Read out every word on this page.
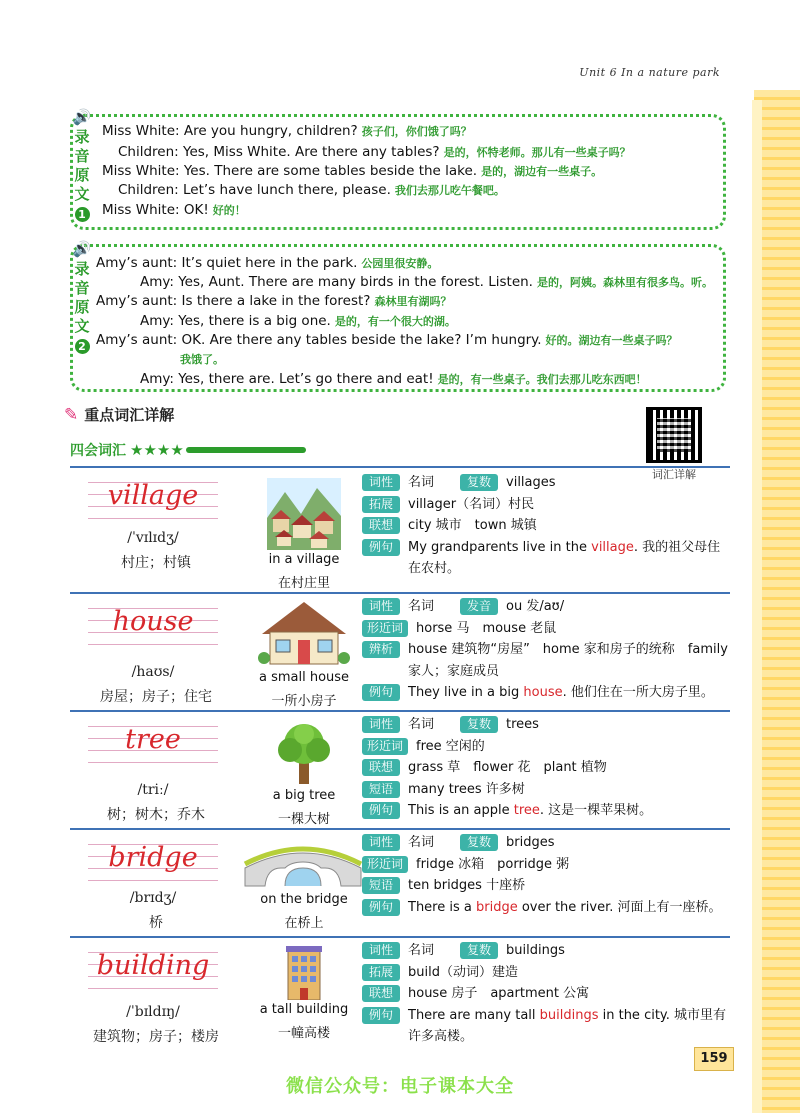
Unit 6 In a nature park
🔊
录音原文
1
Miss White: Are you hungry, children? 孩子们，你们饿了吗？
Children: Yes, Miss White. Are there any tables? 是的，怀特老师。那儿有一些桌子吗？
Miss White: Yes. There are some tables beside the lake. 是的，湖边有一些桌子。
Children: Let’s have lunch there, please. 我们去那儿吃午餐吧。
Miss White: OK! 好的！
🔊
录音原文
2
Amy’s aunt: It’s quiet here in the park. 公园里很安静。
Amy: Yes, Aunt. There are many birds in the forest. Listen. 是的，阿姨。森林里有很多鸟。听。
Amy’s aunt: Is there a lake in the forest? 森林里有湖吗？
Amy: Yes, there is a big one. 是的，有一个很大的湖。
Amy’s aunt: OK. Are there any tables beside the lake? I’m hungry. 好的。湖边有一些桌子吗？
我饿了。
Amy: Yes, there are. Let’s go there and eat! 是的，有一些桌子。我们去那儿吃东西吧！
✎ 重点词汇详解
四会词汇 ★★★★
词汇详解
village
/ˈvɪlɪdʒ/
村庄；村镇	in a village
在村庄里
词性	名词	复数	villages
拓展	villager（名词）村民
联想	city 城市　town 城镇
例句	My grandparents live in the village. 我的祖父母住在农村。
house
/haʊs/
房屋；房子；住宅
a small house
一所小房子
词性	名词	发音	ou 发/aʊ/
形近词	horse 马　mouse 老鼠
辨析	house 建筑物“房屋”　home 家和房子的统称　family 家人；家庭成员
例句	They live in a big house. 他们住在一所大房子里。
tree
/triː/
树；树木；乔木
a big tree
一棵大树
词性	名词	复数	trees
形近词	free 空闲的
联想	grass 草　flower 花　plant 植物
短语	many trees 许多树
例句	This is an apple tree. 这是一棵苹果树。
bridge
/brɪdʒ/
桥
on the bridge
在桥上
词性	名词	复数	bridges
形近词	fridge 冰箱　porridge 粥
短语	ten bridges 十座桥
例句	There is a bridge over the river. 河面上有一座桥。
building
/ˈbɪldɪŋ/
建筑物；房子；楼房
a tall building
一幢高楼
词性	名词	复数	buildings
拓展	build（动词）建造
联想	house 房子　apartment 公寓
例句	There are many tall buildings in the city. 城市里有许多高楼。
159
微信公众号：电子课本大全
